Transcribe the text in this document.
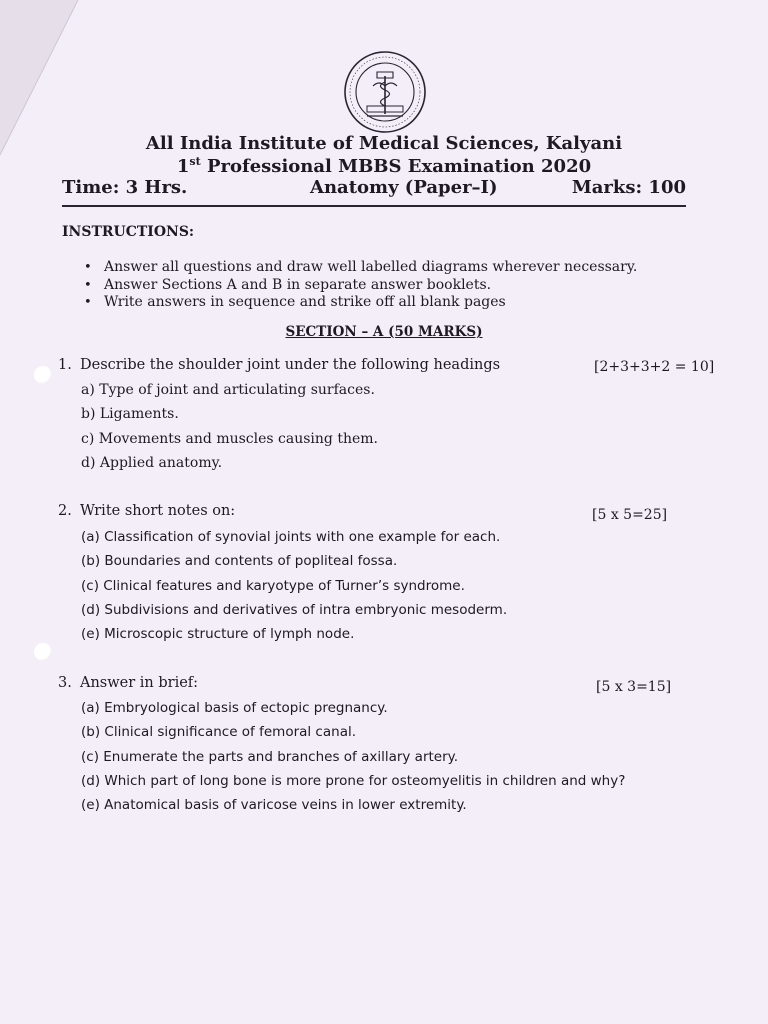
All India Institute of Medical Sciences, Kalyani
1st Professional MBBS Examination 2020
Time: 3 Hrs.	Anatomy (Paper–I)	Marks: 100
INSTRUCTIONS:
• Answer all questions and draw well labelled diagrams wherever necessary.
• Answer Sections A and B in separate answer booklets.
• Write answers in sequence and strike off all blank pages
SECTION – A (50 MARKS)
1. Describe the shoulder joint under the following headings	[2+3+3+2 = 10]
a) Type of joint and articulating surfaces.
b) Ligaments.
c) Movements and muscles causing them.
d) Applied anatomy.
2. Write short notes on:	[5 x 5=25]
(a) Classification of synovial joints with one example for each.
(b) Boundaries and contents of popliteal fossa.
(c) Clinical features and karyotype of Turner’s syndrome.
(d) Subdivisions and derivatives of intra embryonic mesoderm.
(e) Microscopic structure of lymph node.
3. Answer in brief:	[5 x 3=15]
(a) Embryological basis of ectopic pregnancy.
(b) Clinical significance of femoral canal.
(c) Enumerate the parts and branches of axillary artery.
(d) Which part of long bone is more prone for osteomyelitis in children and why?
(e) Anatomical basis of varicose veins in lower extremity.
